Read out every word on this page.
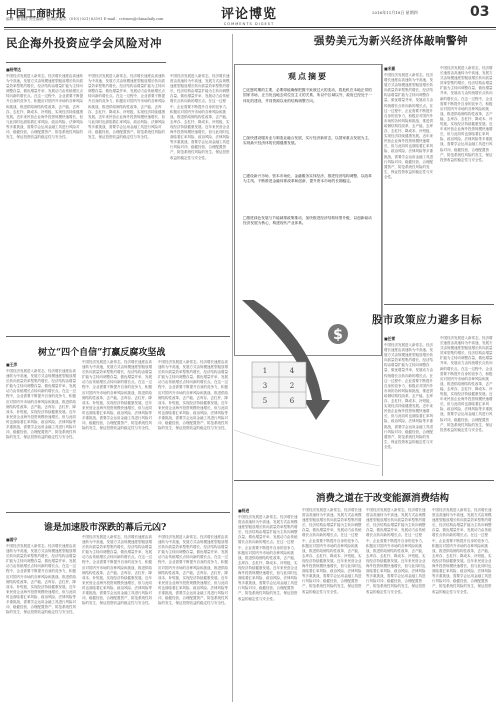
中国工商时报
编辑：张伟跃 责任编辑：张伟跃 电话：(010) (021) 63591 E-mail：cctimes@chinadaily.com	评论博览
COMMENTS DIGEST
2016年11月18日 星期四	03
民企海外投资应学会风险对冲
■杨荣达
中国经济发展进入新常态，经济增长速度由高速转为中高速，发展方式由规模速度型粗放增长转向质量效率型集约增长，经济结构由增量扩能为主转向调整存量、做优增量并举，发展动力由传统增长点转向新的增长点。在这一过程中，企业需要不断提升自身的竞争力，积极应对国内外市场的各种风险和挑战，推进供给侧结构性改革，去产能、去库存、去杠杆、降成本、补短板，实现经济持续健康发展。近年来民营企业海外投资规模快速增长，但与此同时也面临着汇率风险、政治风险、法律风险等多重挑战，需要学会运用金融工具进行风险对冲，稳健经营，合理配置资产，防范系统性风险的发生，保证投资收益的稳定性与安全性。
中国经济发展进入新常态，经济增长速度由高速转为中高速，发展方式由规模速度型粗放增长转向质量效率型集约增长，经济结构由增量扩能为主转向调整存量、做优增量并举，发展动力由传统增长点转向新的增长点。在这一过程中，企业需要不断提升自身的竞争力，积极应对国内外市场的各种风险和挑战，推进供给侧结构性改革，去产能、去库存、去杠杆、降成本、补短板，实现经济持续健康发展。近年来民营企业海外投资规模快速增长，但与此同时也面临着汇率风险、政治风险、法律风险等多重挑战，需要学会运用金融工具进行风险对冲，稳健经营，合理配置资产，防范系统性风险的发生，保证投资收益的稳定性与安全性。
中国经济发展进入新常态，经济增长速度由高速转为中高速，发展方式由规模速度型粗放增长转向质量效率型集约增长，经济结构由增量扩能为主转向调整存量、做优增量并举，发展动力由传统增长点转向新的增长点。在这一过程中，企业需要不断提升自身的竞争力，积极应对国内外市场的各种风险和挑战，推进供给侧结构性改革，去产能、去库存、去杠杆、降成本、补短板，实现经济持续健康发展。近年来民营企业海外投资规模快速增长，但与此同时也面临着汇率风险、政治风险、法律风险等多重挑战，需要学会运用金融工具进行风险对冲，稳健经营，合理配置资产，防范系统性风险的发生，保证投资收益的稳定性与安全性。
树立“四个自信”打赢反腐攻坚战
■王彦
中国经济发展进入新常态，经济增长速度由高速转为中高速，发展方式由规模速度型粗放增长转向质量效率型集约增长，经济结构由增量扩能为主转向调整存量、做优增量并举，发展动力由传统增长点转向新的增长点。在这一过程中，企业需要不断提升自身的竞争力，积极应对国内外市场的各种风险和挑战，推进供给侧结构性改革，去产能、去库存、去杠杆、降成本、补短板，实现经济持续健康发展。近年来民营企业海外投资规模快速增长，但与此同时也面临着汇率风险、政治风险、法律风险等多重挑战，需要学会运用金融工具进行风险对冲，稳健经营，合理配置资产，防范系统性风险的发生，保证投资收益的稳定性与安全性。
中国经济发展进入新常态，经济增长速度由高速转为中高速，发展方式由规模速度型粗放增长转向质量效率型集约增长，经济结构由增量扩能为主转向调整存量、做优增量并举，发展动力由传统增长点转向新的增长点。在这一过程中，企业需要不断提升自身的竞争力，积极应对国内外市场的各种风险和挑战，推进供给侧结构性改革，去产能、去库存、去杠杆、降成本、补短板，实现经济持续健康发展。近年来民营企业海外投资规模快速增长，但与此同时也面临着汇率风险、政治风险、法律风险等多重挑战，需要学会运用金融工具进行风险对冲，稳健经营，合理配置资产，防范系统性风险的发生，保证投资收益的稳定性与安全性。
中国经济发展进入新常态，经济增长速度由高速转为中高速，发展方式由规模速度型粗放增长转向质量效率型集约增长，经济结构由增量扩能为主转向调整存量、做优增量并举，发展动力由传统增长点转向新的增长点。在这一过程中，企业需要不断提升自身的竞争力，积极应对国内外市场的各种风险和挑战，推进供给侧结构性改革，去产能、去库存、去杠杆、降成本、补短板，实现经济持续健康发展。近年来民营企业海外投资规模快速增长，但与此同时也面临着汇率风险、政治风险、法律风险等多重挑战，需要学会运用金融工具进行风险对冲，稳健经营，合理配置资产，防范系统性风险的发生，保证投资收益的稳定性与安全性。
谁是加速股市深跌的幕后元凶?
■国宁
中国经济发展进入新常态，经济增长速度由高速转为中高速，发展方式由规模速度型粗放增长转向质量效率型集约增长，经济结构由增量扩能为主转向调整存量、做优增量并举，发展动力由传统增长点转向新的增长点。在这一过程中，企业需要不断提升自身的竞争力，积极应对国内外市场的各种风险和挑战，推进供给侧结构性改革，去产能、去库存、去杠杆、降成本、补短板，实现经济持续健康发展。近年来民营企业海外投资规模快速增长，但与此同时也面临着汇率风险、政治风险、法律风险等多重挑战，需要学会运用金融工具进行风险对冲，稳健经营，合理配置资产，防范系统性风险的发生，保证投资收益的稳定性与安全性。
中国经济发展进入新常态，经济增长速度由高速转为中高速，发展方式由规模速度型粗放增长转向质量效率型集约增长，经济结构由增量扩能为主转向调整存量、做优增量并举，发展动力由传统增长点转向新的增长点。在这一过程中，企业需要不断提升自身的竞争力，积极应对国内外市场的各种风险和挑战，推进供给侧结构性改革，去产能、去库存、去杠杆、降成本、补短板，实现经济持续健康发展。近年来民营企业海外投资规模快速增长，但与此同时也面临着汇率风险、政治风险、法律风险等多重挑战，需要学会运用金融工具进行风险对冲，稳健经营，合理配置资产，防范系统性风险的发生，保证投资收益的稳定性与安全性。
中国经济发展进入新常态，经济增长速度由高速转为中高速，发展方式由规模速度型粗放增长转向质量效率型集约增长，经济结构由增量扩能为主转向调整存量、做优增量并举，发展动力由传统增长点转向新的增长点。在这一过程中，企业需要不断提升自身的竞争力，积极应对国内外市场的各种风险和挑战，推进供给侧结构性改革，去产能、去库存、去杠杆、降成本、补短板，实现经济持续健康发展。近年来民营企业海外投资规模快速增长，但与此同时也面临着汇率风险、政治风险、法律风险等多重挑战，需要学会运用金融工具进行风险对冲，稳健经营，合理配置资产，防范系统性风险的发生，保证投资收益的稳定性与安全性。
观点摘要
□还愿时期的主要，必要即能确保把握不致被过大的变动，将危机在本地正常的国家市场，正当优良地去同位宜主义的关系，所以中区域以外，政府已经处于一体化的建设，并同资源以来的结构调整方向。
□加快建设服务业与制造业融合发展，实行经济新常态，以国家重点发展为主，实现新兴经济体的长期健康发展。
□建设新兴市场，资本市场化、金融服务实体经济，推进经济结构调整，以改革为主线，不断推进金融体系改革和创新，提升资本市场的长期稳定。
□推进绿色发展与节能减排政策推动，加快推进经济结构转型升级，以创新驱动经济发展为核心，构建现代产业体系。
$
1	4
3	2
5	6
强势美元为新兴经济体敲响警钟
■宋嘉
中国经济发展进入新常态，经济增长速度由高速转为中高速，发展方式由规模速度型粗放增长转向质量效率型集约增长，经济结构由增量扩能为主转向调整存量、做优增量并举，发展动力由传统增长点转向新的增长点。在这一过程中，企业需要不断提升自身的竞争力，积极应对国内外市场的各种风险和挑战，推进供给侧结构性改革，去产能、去库存、去杠杆、降成本、补短板，实现经济持续健康发展。近年来民营企业海外投资规模快速增长，但与此同时也面临着汇率风险、政治风险、法律风险等多重挑战，需要学会运用金融工具进行风险对冲，稳健经营，合理配置资产，防范系统性风险的发生，保证投资收益的稳定性与安全性。
中国经济发展进入新常态，经济增长速度由高速转为中高速，发展方式由规模速度型粗放增长转向质量效率型集约增长，经济结构由增量扩能为主转向调整存量、做优增量并举，发展动力由传统增长点转向新的增长点。在这一过程中，企业需要不断提升自身的竞争力，积极应对国内外市场的各种风险和挑战，推进供给侧结构性改革，去产能、去库存、去杠杆、降成本、补短板，实现经济持续健康发展。近年来民营企业海外投资规模快速增长，但与此同时也面临着汇率风险、政治风险、法律风险等多重挑战，需要学会运用金融工具进行风险对冲，稳健经营，合理配置资产，防范系统性风险的发生，保证投资收益的稳定性与安全性。
股市政策应力避多目标
■任雪
中国经济发展进入新常态，经济增长速度由高速转为中高速，发展方式由规模速度型粗放增长转向质量效率型集约增长，经济结构由增量扩能为主转向调整存量、做优增量并举，发展动力由传统增长点转向新的增长点。在这一过程中，企业需要不断提升自身的竞争力，积极应对国内外市场的各种风险和挑战，推进供给侧结构性改革，去产能、去库存、去杠杆、降成本、补短板，实现经济持续健康发展。近年来民营企业海外投资规模快速增长，但与此同时也面临着汇率风险、政治风险、法律风险等多重挑战，需要学会运用金融工具进行风险对冲，稳健经营，合理配置资产，防范系统性风险的发生，保证投资收益的稳定性与安全性。
中国经济发展进入新常态，经济增长速度由高速转为中高速，发展方式由规模速度型粗放增长转向质量效率型集约增长，经济结构由增量扩能为主转向调整存量、做优增量并举，发展动力由传统增长点转向新的增长点。在这一过程中，企业需要不断提升自身的竞争力，积极应对国内外市场的各种风险和挑战，推进供给侧结构性改革，去产能、去库存、去杠杆、降成本、补短板，实现经济持续健康发展。近年来民营企业海外投资规模快速增长，但与此同时也面临着汇率风险、政治风险、法律风险等多重挑战，需要学会运用金融工具进行风险对冲，稳健经营，合理配置资产，防范系统性风险的发生，保证投资收益的稳定性与安全性。
消费之道在于改变能源消费结构
■杨进
中国经济发展进入新常态，经济增长速度由高速转为中高速，发展方式由规模速度型粗放增长转向质量效率型集约增长，经济结构由增量扩能为主转向调整存量、做优增量并举，发展动力由传统增长点转向新的增长点。在这一过程中，企业需要不断提升自身的竞争力，积极应对国内外市场的各种风险和挑战，推进供给侧结构性改革，去产能、去库存、去杠杆、降成本、补短板，实现经济持续健康发展。近年来民营企业海外投资规模快速增长，但与此同时也面临着汇率风险、政治风险、法律风险等多重挑战，需要学会运用金融工具进行风险对冲，稳健经营，合理配置资产，防范系统性风险的发生，保证投资收益的稳定性与安全性。
中国经济发展进入新常态，经济增长速度由高速转为中高速，发展方式由规模速度型粗放增长转向质量效率型集约增长，经济结构由增量扩能为主转向调整存量、做优增量并举，发展动力由传统增长点转向新的增长点。在这一过程中，企业需要不断提升自身的竞争力，积极应对国内外市场的各种风险和挑战，推进供给侧结构性改革，去产能、去库存、去杠杆、降成本、补短板，实现经济持续健康发展。近年来民营企业海外投资规模快速增长，但与此同时也面临着汇率风险、政治风险、法律风险等多重挑战，需要学会运用金融工具进行风险对冲，稳健经营，合理配置资产，防范系统性风险的发生，保证投资收益的稳定性与安全性。
中国经济发展进入新常态，经济增长速度由高速转为中高速，发展方式由规模速度型粗放增长转向质量效率型集约增长，经济结构由增量扩能为主转向调整存量、做优增量并举，发展动力由传统增长点转向新的增长点。在这一过程中，企业需要不断提升自身的竞争力，积极应对国内外市场的各种风险和挑战，推进供给侧结构性改革，去产能、去库存、去杠杆、降成本、补短板，实现经济持续健康发展。近年来民营企业海外投资规模快速增长，但与此同时也面临着汇率风险、政治风险、法律风险等多重挑战，需要学会运用金融工具进行风险对冲，稳健经营，合理配置资产，防范系统性风险的发生，保证投资收益的稳定性与安全性。
中国经济发展进入新常态，经济增长速度由高速转为中高速，发展方式由规模速度型粗放增长转向质量效率型集约增长，经济结构由增量扩能为主转向调整存量、做优增量并举，发展动力由传统增长点转向新的增长点。在这一过程中，企业需要不断提升自身的竞争力，积极应对国内外市场的各种风险和挑战，推进供给侧结构性改革，去产能、去库存、去杠杆、降成本、补短板，实现经济持续健康发展。近年来民营企业海外投资规模快速增长，但与此同时也面临着汇率风险、政治风险、法律风险等多重挑战，需要学会运用金融工具进行风险对冲，稳健经营，合理配置资产，防范系统性风险的发生，保证投资收益的稳定性与安全性。
